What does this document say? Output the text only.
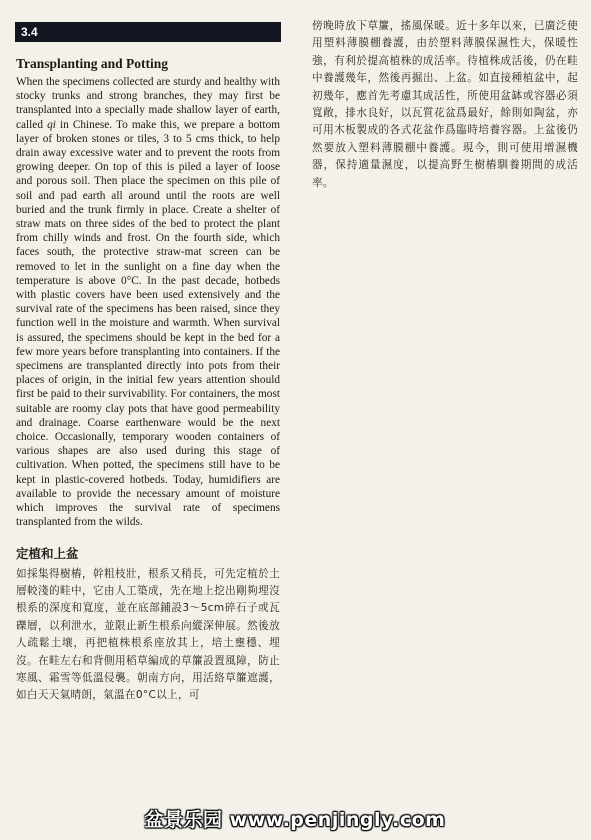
3.4
Transplanting and Potting

When the specimens collected are sturdy and healthy with stocky trunks and strong branches, they may first be transplanted into a specially made shallow layer of earth, called qi in Chinese. To make this, we prepare a bottom layer of broken stones or tiles, 3 to 5 cms thick, to help drain away excessive water and to prevent the roots from growing deeper. On top of this is piled a layer of loose and porous soil. Then place the specimen on this pile of soil and pad earth all around until the roots are well buried and the trunk firmly in place. Create a shelter of straw mats on three sides of the bed to protect the plant from chilly winds and frost. On the fourth side, which faces south, the protective straw-mat screen can be removed to let in the sunlight on a fine day when the temperature is above 0°C. In the past decade, hotbeds with plastic covers have been used extensively and the survival rate of the specimens has been raised, since they function well in the moisture and warmth. When survival is assured, the specimens should be kept in the bed for a few more years before transplanting into containers. If the specimens are transplanted directly into pots from their places of origin, in the initial few years attention should first be paid to their survivability. For containers, the most suitable are roomy clay pots that have good permeability and drainage. Coarse earthenware would be the next choice. Occasionally, temporary wooden containers of various shapes are also used during this stage of cultivation. When potted, the specimens still have to be kept in plastic-covered hotbeds. Today, humidifiers are available to provide the necessary amount of moisture which improves the survival rate of specimens transplanted from the wilds.

定植和上盆

如採集得樹樁，幹粗枝壯，根系又稍長，可先定植於土層較淺的畦中，它由人工築成，先在地上挖出剛夠埋沒根系的深度和寬度，並在底部鋪設3～5cm碎石子或瓦礫層，以利泄水，並限止新生根系向縱深伸展。然後放人疏鬆土壤，再把植株根系座放其上，培土壅穩、埋沒。在畦左右和背側用稻草編成的草簾設置風障，防止寒風、霜雪等低溫侵襲。朝南方向，用活絡草簾遮護，如白天天氣晴朗，氣溫在0°C以上，可

傍晚時放下草簾，搖風保暖。近十多年以來，已廣泛使用塑料薄膜棚養護，由於塑料薄膜保濕性大，保暖性強，有利於提高植株的成活率。待植株成活後，仍在畦中養護幾年，然後再掘出、上盆。如直接種植盆中，起初幾年，應首先考慮其成活性，所使用盆缽或容器必須寬敞，排水良好，以瓦質花盆爲最好，餘則如陶盆，亦可用木板製成的各式花盆作爲臨時培養容器。上盆後仍然要放入塑料薄膜棚中養護。現今，則可使用增濕機器，保持適量濕度，以提高野生樹樁馴養期間的成活率。

盆景乐园 www.penjingly.com
